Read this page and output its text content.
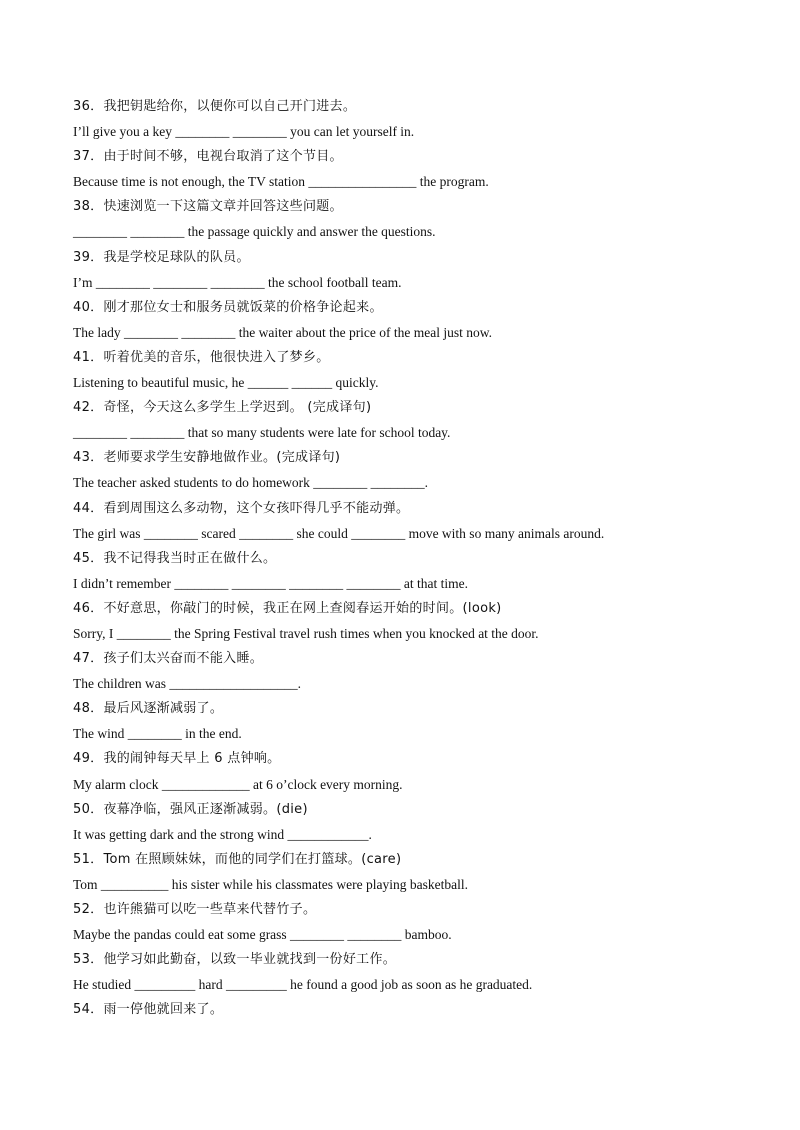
36．我把钥匙给你，以便你可以自己开门进去。
I’ll give you a key ________ ________ you can let yourself in.
37．由于时间不够，电视台取消了这个节目。
Because time is not enough, the TV station ________________ the program.
38．快速浏览一下这篇文章并回答这些问题。
________ ________ the passage quickly and answer the questions.
39．我是学校足球队的队员。
I’m ________ ________ ________ the school football team.
40．刚才那位女士和服务员就饭菜的价格争论起来。
The lady ________ ________ the waiter about the price of the meal just now.
41．听着优美的音乐，他很快进入了梦乡。
Listening to beautiful music, he ______ ______ quickly.
42．奇怪，今天这么多学生上学迟到。 (完成译句)
________ ________ that so many students were late for school today.
43．老师要求学生安静地做作业。(完成译句)
The teacher asked students to do homework ________ ________.
44．看到周围这么多动物，这个女孩吓得几乎不能动弹。
The girl was ________ scared ________ she could ________ move with so many animals around.
45．我不记得我当时正在做什么。
I didn’t remember ________ ________ ________ ________ at that time.
46．不好意思，你敲门的时候，我正在网上查阅春运开始的时间。(look)
Sorry, I ________ the Spring Festival travel rush times when you knocked at the door.
47．孩子们太兴奋而不能入睡。
The children was ___________________.
48．最后风逐渐减弱了。
The wind ________ in the end.
49．我的闹钟每天早上 6 点钟响。
My alarm clock _____________ at 6 o’clock every morning.
50．夜幕净临，强风正逐渐减弱。(die)
It was getting dark and the strong wind ____________.
51．Tom 在照顾妹妹，而他的同学们在打篮球。(care)
Tom __________ his sister while his classmates were playing basketball.
52．也许熊猫可以吃一些草来代替竹子。
Maybe the pandas could eat some grass ________ ________ bamboo.
53．他学习如此勤奋，以致一毕业就找到一份好工作。
He studied _________ hard _________ he found a good job as soon as he graduated.
54．雨一停他就回来了。
